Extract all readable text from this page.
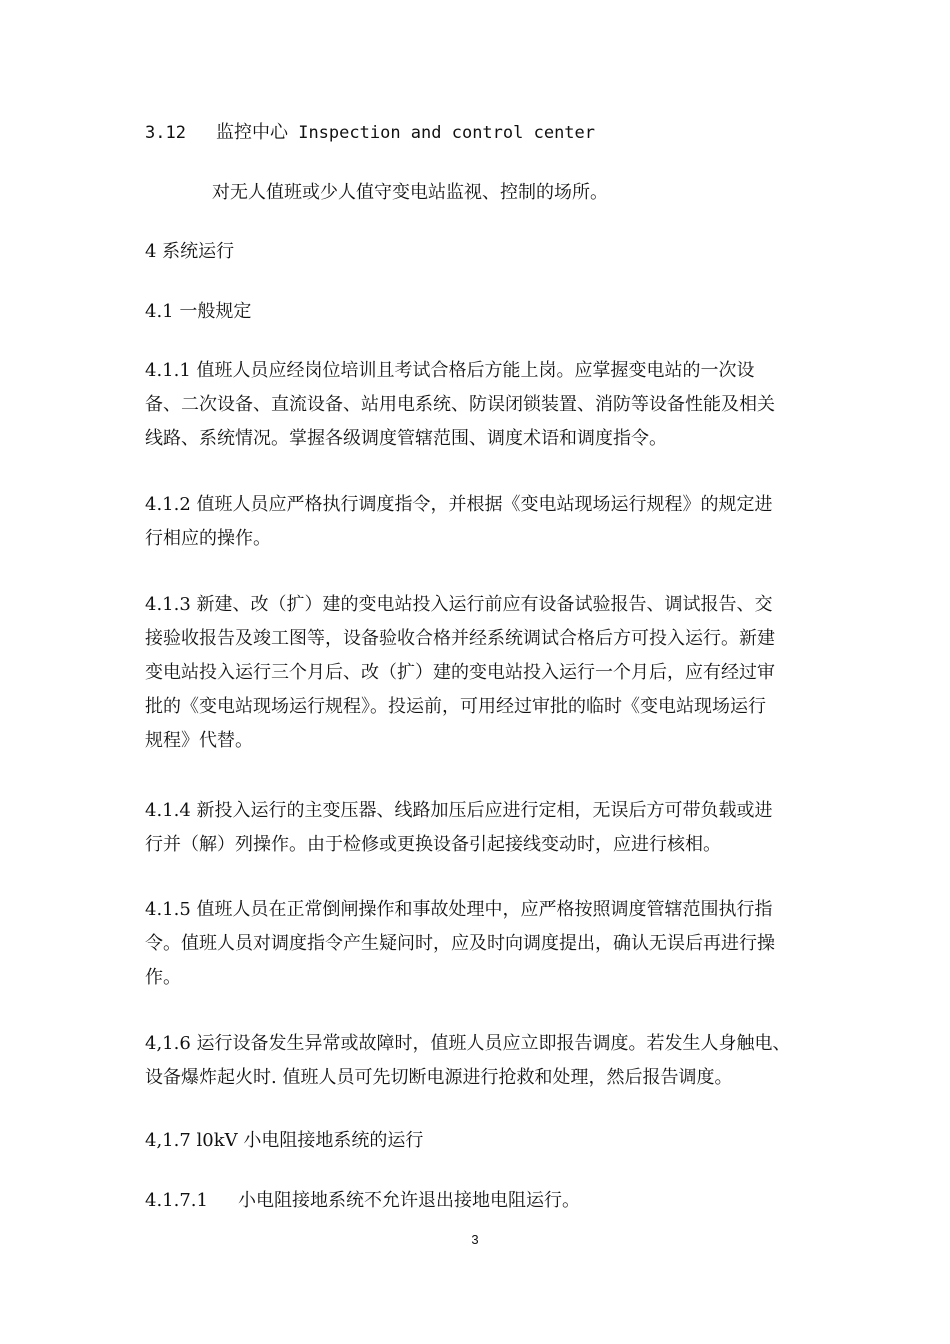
3.12 监控中心 Inspection and control center
对无人值班或少人值守变电站监视、控制的场所。
4 系统运行
4.1 一般规定
4.1.1 值班人员应经岗位培训且考试合格后方能上岗。应掌握变电站的一次设
备、二次设备、直流设备、站用电系统、防误闭锁装置、消防等设备性能及相关
线路、系统情况。掌握各级调度管辖范围、调度术语和调度指令。
4.1.2 值班人员应严格执行调度指令，并根据《变电站现场运行规程》的规定进
行相应的操作。
4.1.3 新建、改（扩）建的变电站投入运行前应有设备试验报告、调试报告、交
接验收报告及竣工图等，设备验收合格并经系统调试合格后方可投入运行。新建
变电站投入运行三个月后、改（扩）建的变电站投入运行一个月后，应有经过审
批的《变电站现场运行规程》。投运前，可用经过审批的临时《变电站现场运行
规程》代替。
4.1.4 新投入运行的主变压器、线路加压后应进行定相，无误后方可带负载或进
行并（解）列操作。由于检修或更换设备引起接线变动时，应进行核相。
4.1.5 值班人员在正常倒闸操作和事故处理中，应严格按照调度管辖范围执行指
令。值班人员对调度指令产生疑问时，应及时向调度提出，确认无误后再进行操
作。
4,1.6 运行设备发生异常或故障时，值班人员应立即报告调度。若发生人身触电、
设备爆炸起火时. 值班人员可先切断电源进行抢救和处理，然后报告调度。
4,1.7 l0kV 小电阻接地系统的运行
4.1.7.1 小电阻接地系统不允许退出接地电阻运行。
3
